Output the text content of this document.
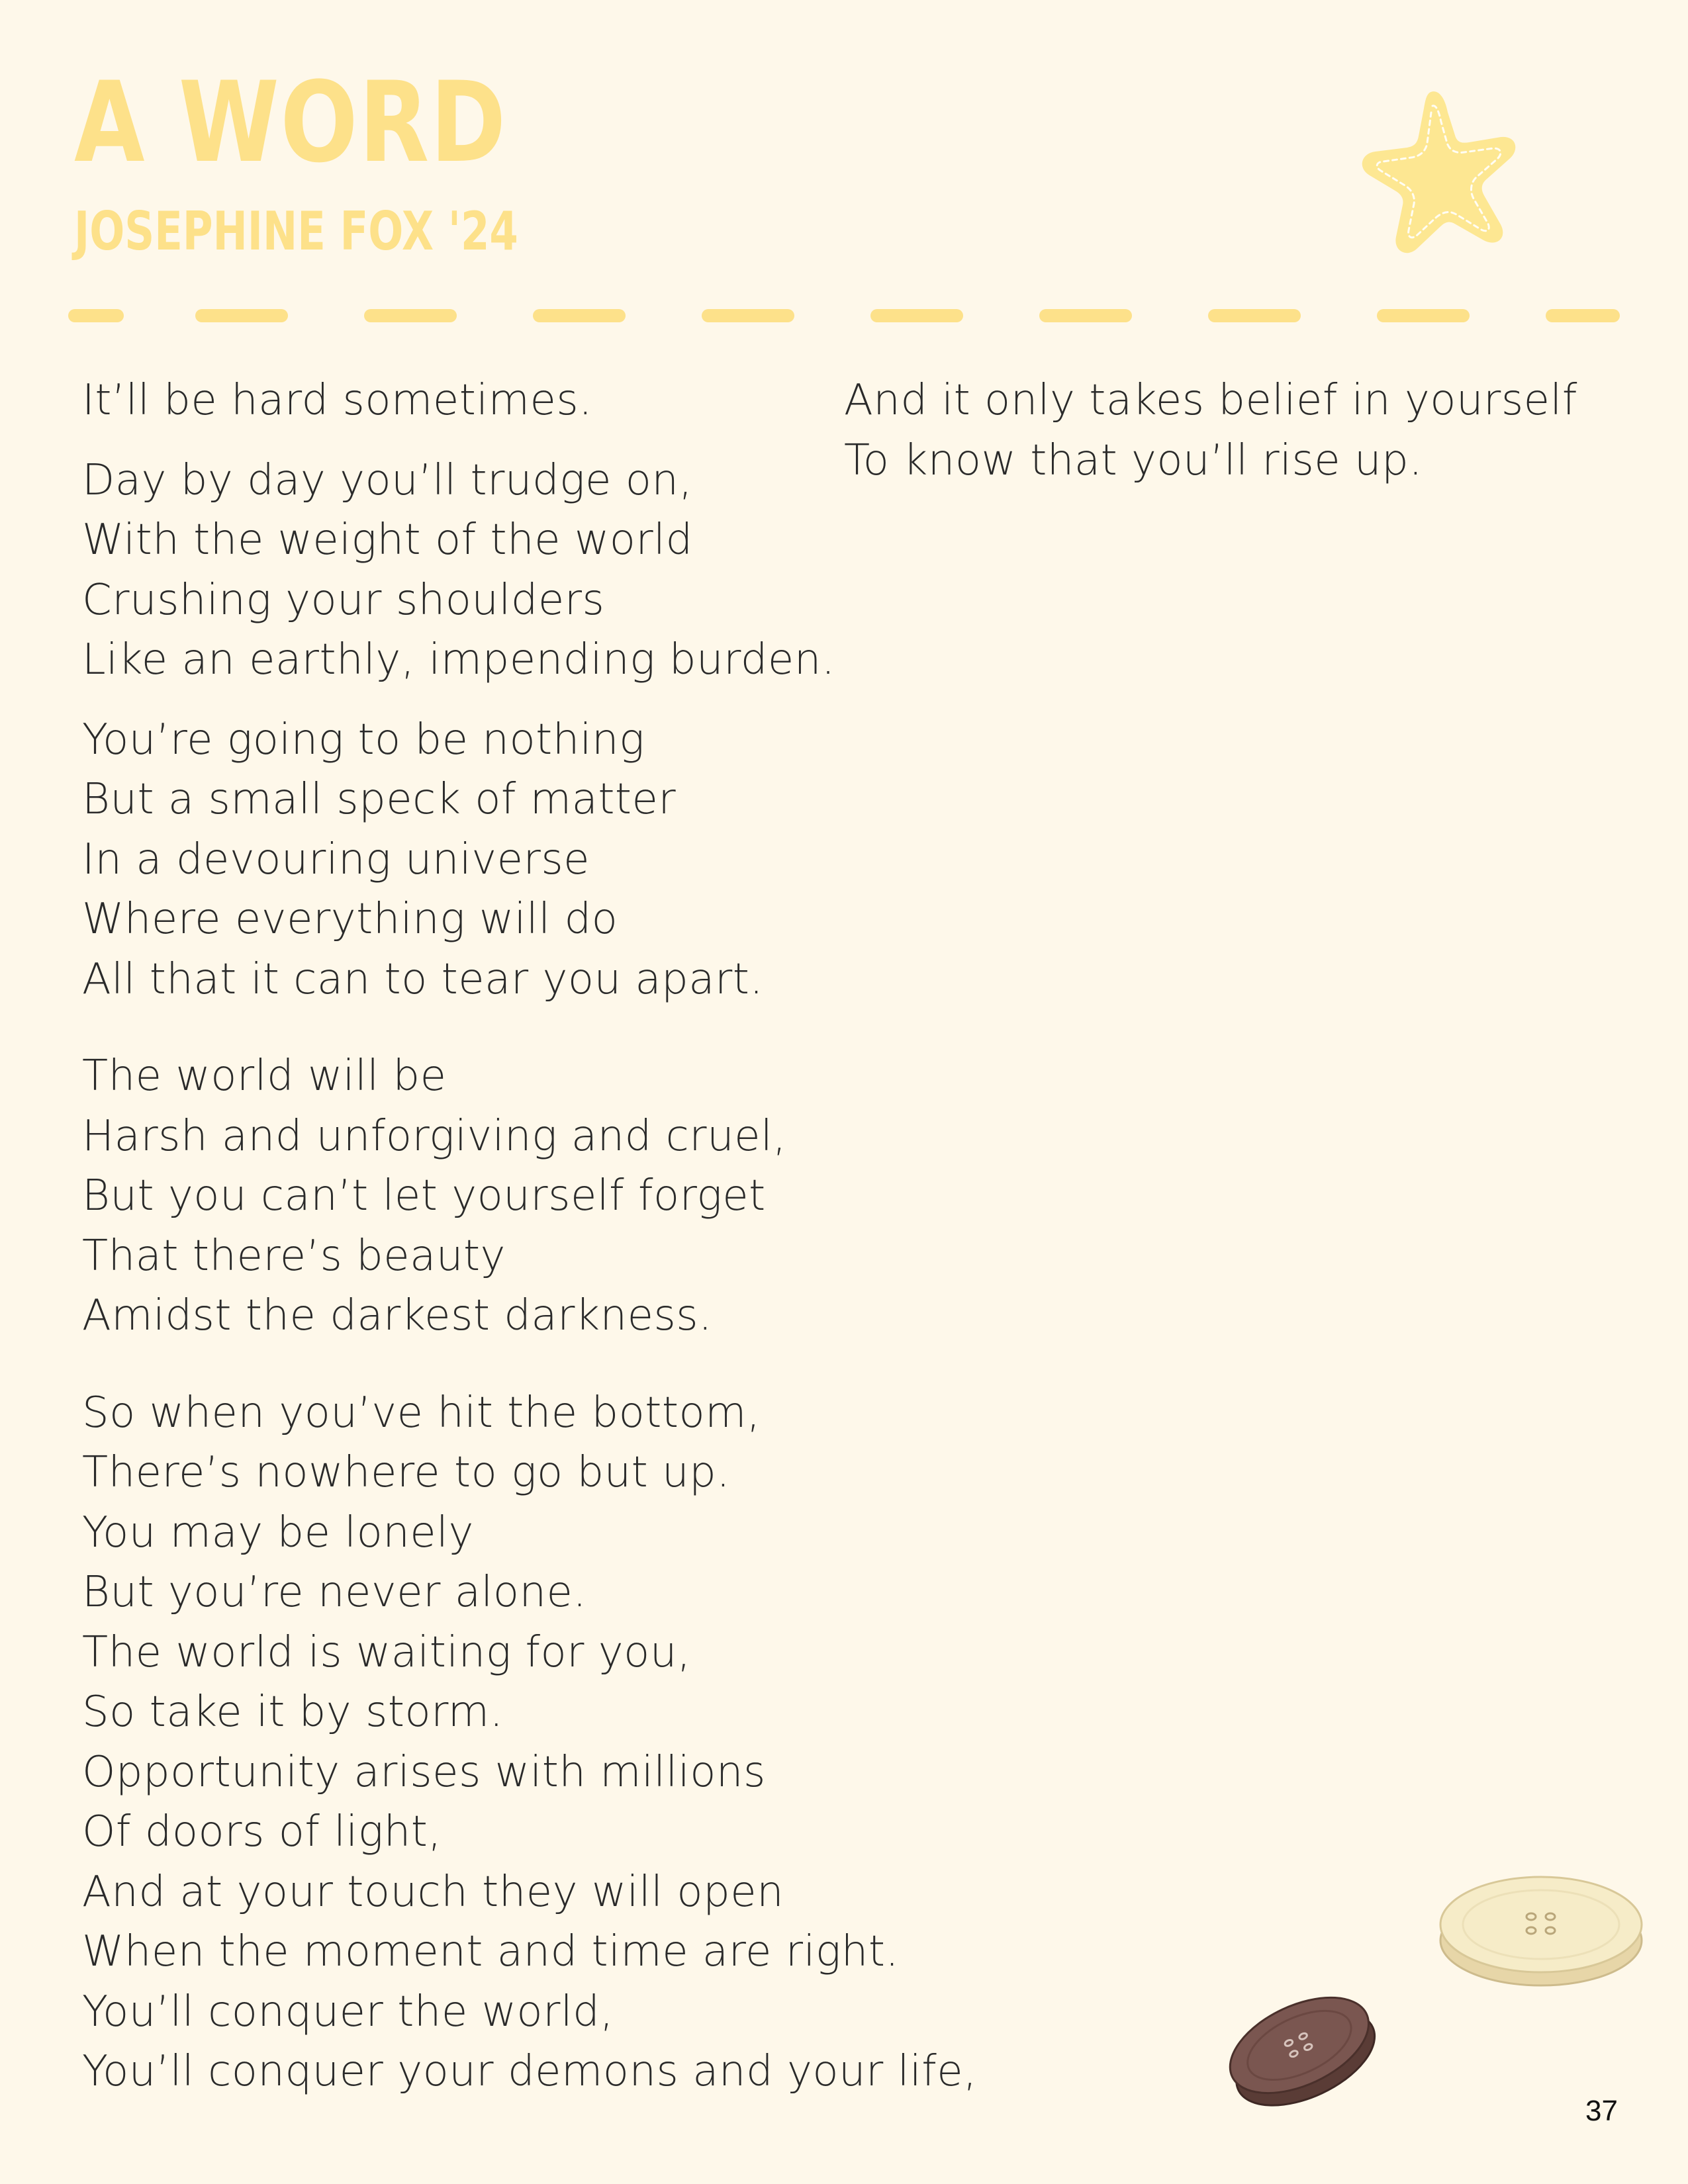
A WORD
JOSEPHINE FOX '24

It’ll be hard sometimes.

Day by day you’ll trudge on,
With the weight of the world
Crushing your shoulders
Like an earthly, impending burden.

You’re going to be nothing
But a small speck of matter
In a devouring universe
Where everything will do
All that it can to tear you apart.

The world will be
Harsh and unforgiving and cruel,
But you can’t let yourself forget
That there’s beauty
Amidst the darkest darkness.

So when you’ve hit the bottom,
There’s nowhere to go but up.
You may be lonely
But you’re never alone.
The world is waiting for you,
So take it by storm.
Opportunity arises with millions
Of doors of light,
And at your touch they will open
When the moment and time are right.
You’ll conquer the world,
You’ll conquer your demons and your life,

And it only takes belief in yourself
To know that you’ll rise up.

37
